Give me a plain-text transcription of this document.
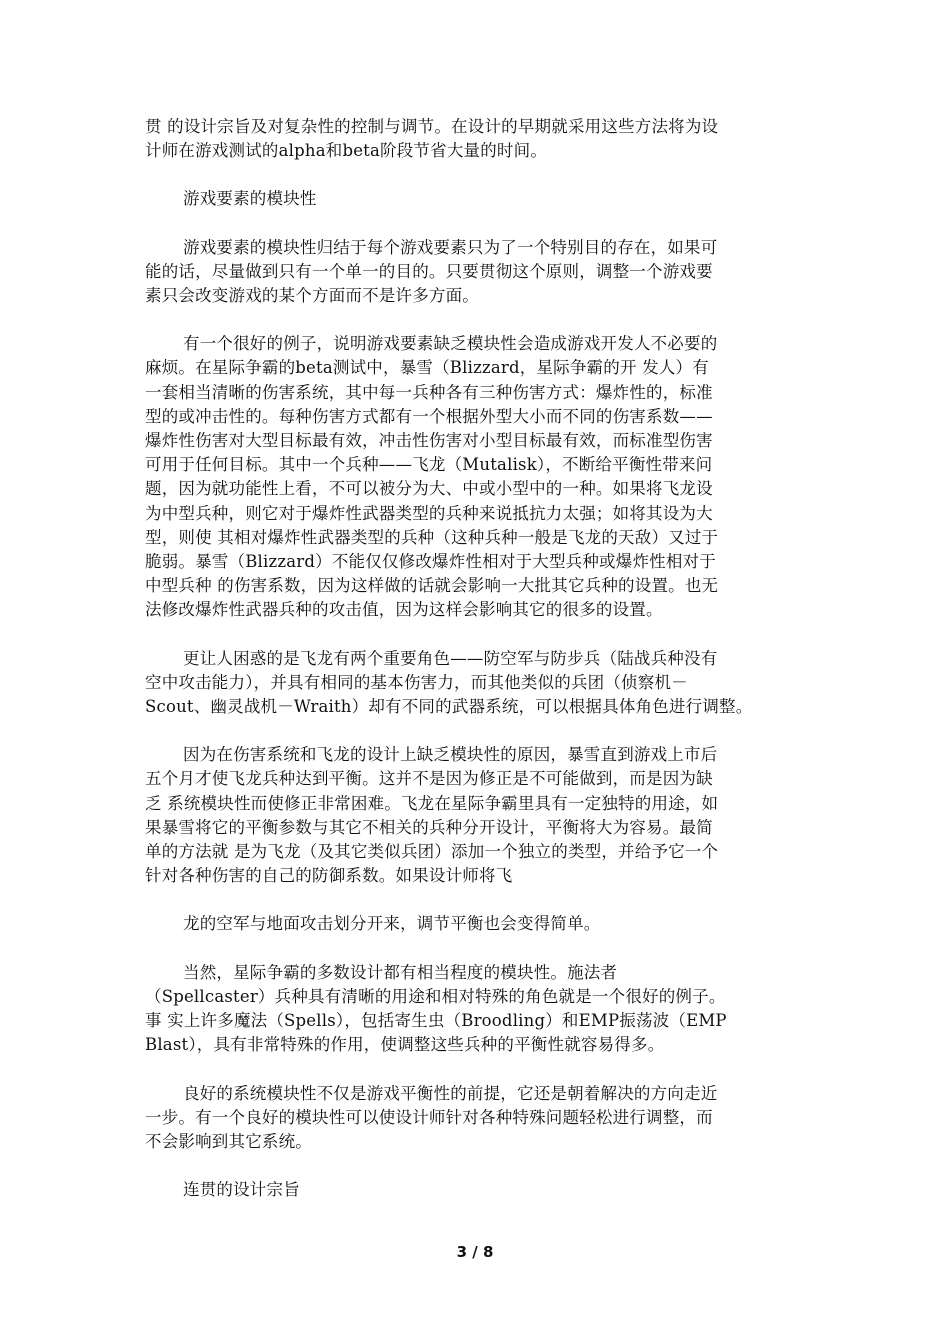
贯 的设计宗旨及对复杂性的控制与调节。在设计的早期就采用这些方法将为设
计师在游戏测试的alpha和beta阶段节省大量的时间。

游戏要素的模块性

游戏要素的模块性归结于每个游戏要素只为了一个特别目的存在，如果可
能的话，尽量做到只有一个单一的目的。只要贯彻这个原则，调整一个游戏要
素只会改变游戏的某个方面而不是许多方面。

有一个很好的例子，说明游戏要素缺乏模块性会造成游戏开发人不必要的
麻烦。在星际争霸的beta测试中，暴雪（Blizzard，星际争霸的开 发人）有
一套相当清晰的伤害系统，其中每一兵种各有三种伤害方式：爆炸性的，标准
型的或冲击性的。每种伤害方式都有一个根据外型大小而不同的伤害系数——
爆炸性伤害对大型目标最有效，冲击性伤害对小型目标最有效，而标准型伤害
可用于任何目标。其中一个兵种——飞龙（Mutalisk），不断给平衡性带来问
题，因为就功能性上看，不可以被分为大、中或小型中的一种。如果将飞龙设
为中型兵种，则它对于爆炸性武器类型的兵种来说抵抗力太强；如将其设为大
型，则使 其相对爆炸性武器类型的兵种（这种兵种一般是飞龙的天敌）又过于
脆弱。暴雪（Blizzard）不能仅仅修改爆炸性相对于大型兵种或爆炸性相对于
中型兵种 的伤害系数，因为这样做的话就会影响一大批其它兵种的设置。也无
法修改爆炸性武器兵种的攻击值，因为这样会影响其它的很多的设置。

更让人困惑的是飞龙有两个重要角色——防空军与防步兵（陆战兵种没有
空中攻击能力），并具有相同的基本伤害力，而其他类似的兵团（侦察机－
Scout、幽灵战机－Wraith）却有不同的武器系统，可以根据具体角色进行调整。

因为在伤害系统和飞龙的设计上缺乏模块性的原因，暴雪直到游戏上市后
五个月才使飞龙兵种达到平衡。这并不是因为修正是不可能做到，而是因为缺
乏 系统模块性而使修正非常困难。飞龙在星际争霸里具有一定独特的用途，如
果暴雪将它的平衡参数与其它不相关的兵种分开设计，平衡将大为容易。最简
单的方法就 是为飞龙（及其它类似兵团）添加一个独立的类型，并给予它一个
针对各种伤害的自己的防御系数。如果设计师将飞

龙的空军与地面攻击划分开来，调节平衡也会变得简单。

当然，星际争霸的多数设计都有相当程度的模块性。施法者
（Spellcaster）兵种具有清晰的用途和相对特殊的角色就是一个很好的例子。
事 实上许多魔法（Spells），包括寄生虫（Broodling）和EMP振荡波（EMP
Blast），具有非常特殊的作用，使调整这些兵种的平衡性就容易得多。

良好的系统模块性不仅是游戏平衡性的前提，它还是朝着解决的方向走近
一步。有一个良好的模块性可以使设计师针对各种特殊问题轻松进行调整，而
不会影响到其它系统。

连贯的设计宗旨

3 / 8
